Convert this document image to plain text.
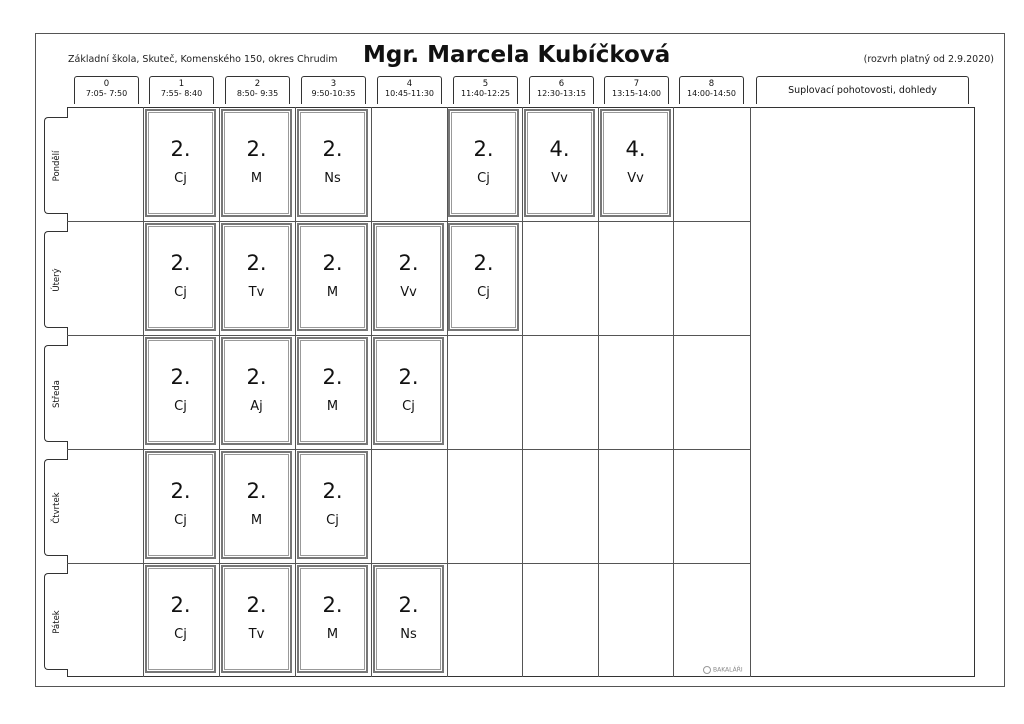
Základní škola, Skuteč, Komenského 150, okres Chrudim Mgr. Marcela Kubíčková	(rozvrh platný od 2.9.2020)
0
7:05- 7:50
1
7:55- 8:40
2
8:50- 9:35
3
9:50-10:35
4
10:45-11:30
5
11:40-12:25
6
12:30-13:15
7
13:15-14:00
8
14:00-14:50	Suplovací pohotovosti, dohledy
Pondělí
Úterý
Středa
Čtvrtek
Pátek
2.
Cj
2.
M
2.
Ns
2.
Cj
4.
Vv
4.
Vv
2.
Cj
2.
Tv
2.
M
2.
Vv
2.
Cj
2.
Cj
2.
Aj
2.
M
2.
Cj
2.
Cj
2.
M
2.
Cj
2.
Cj
2.
Tv
2.
M
2.
Ns
BAKALÁŘI
